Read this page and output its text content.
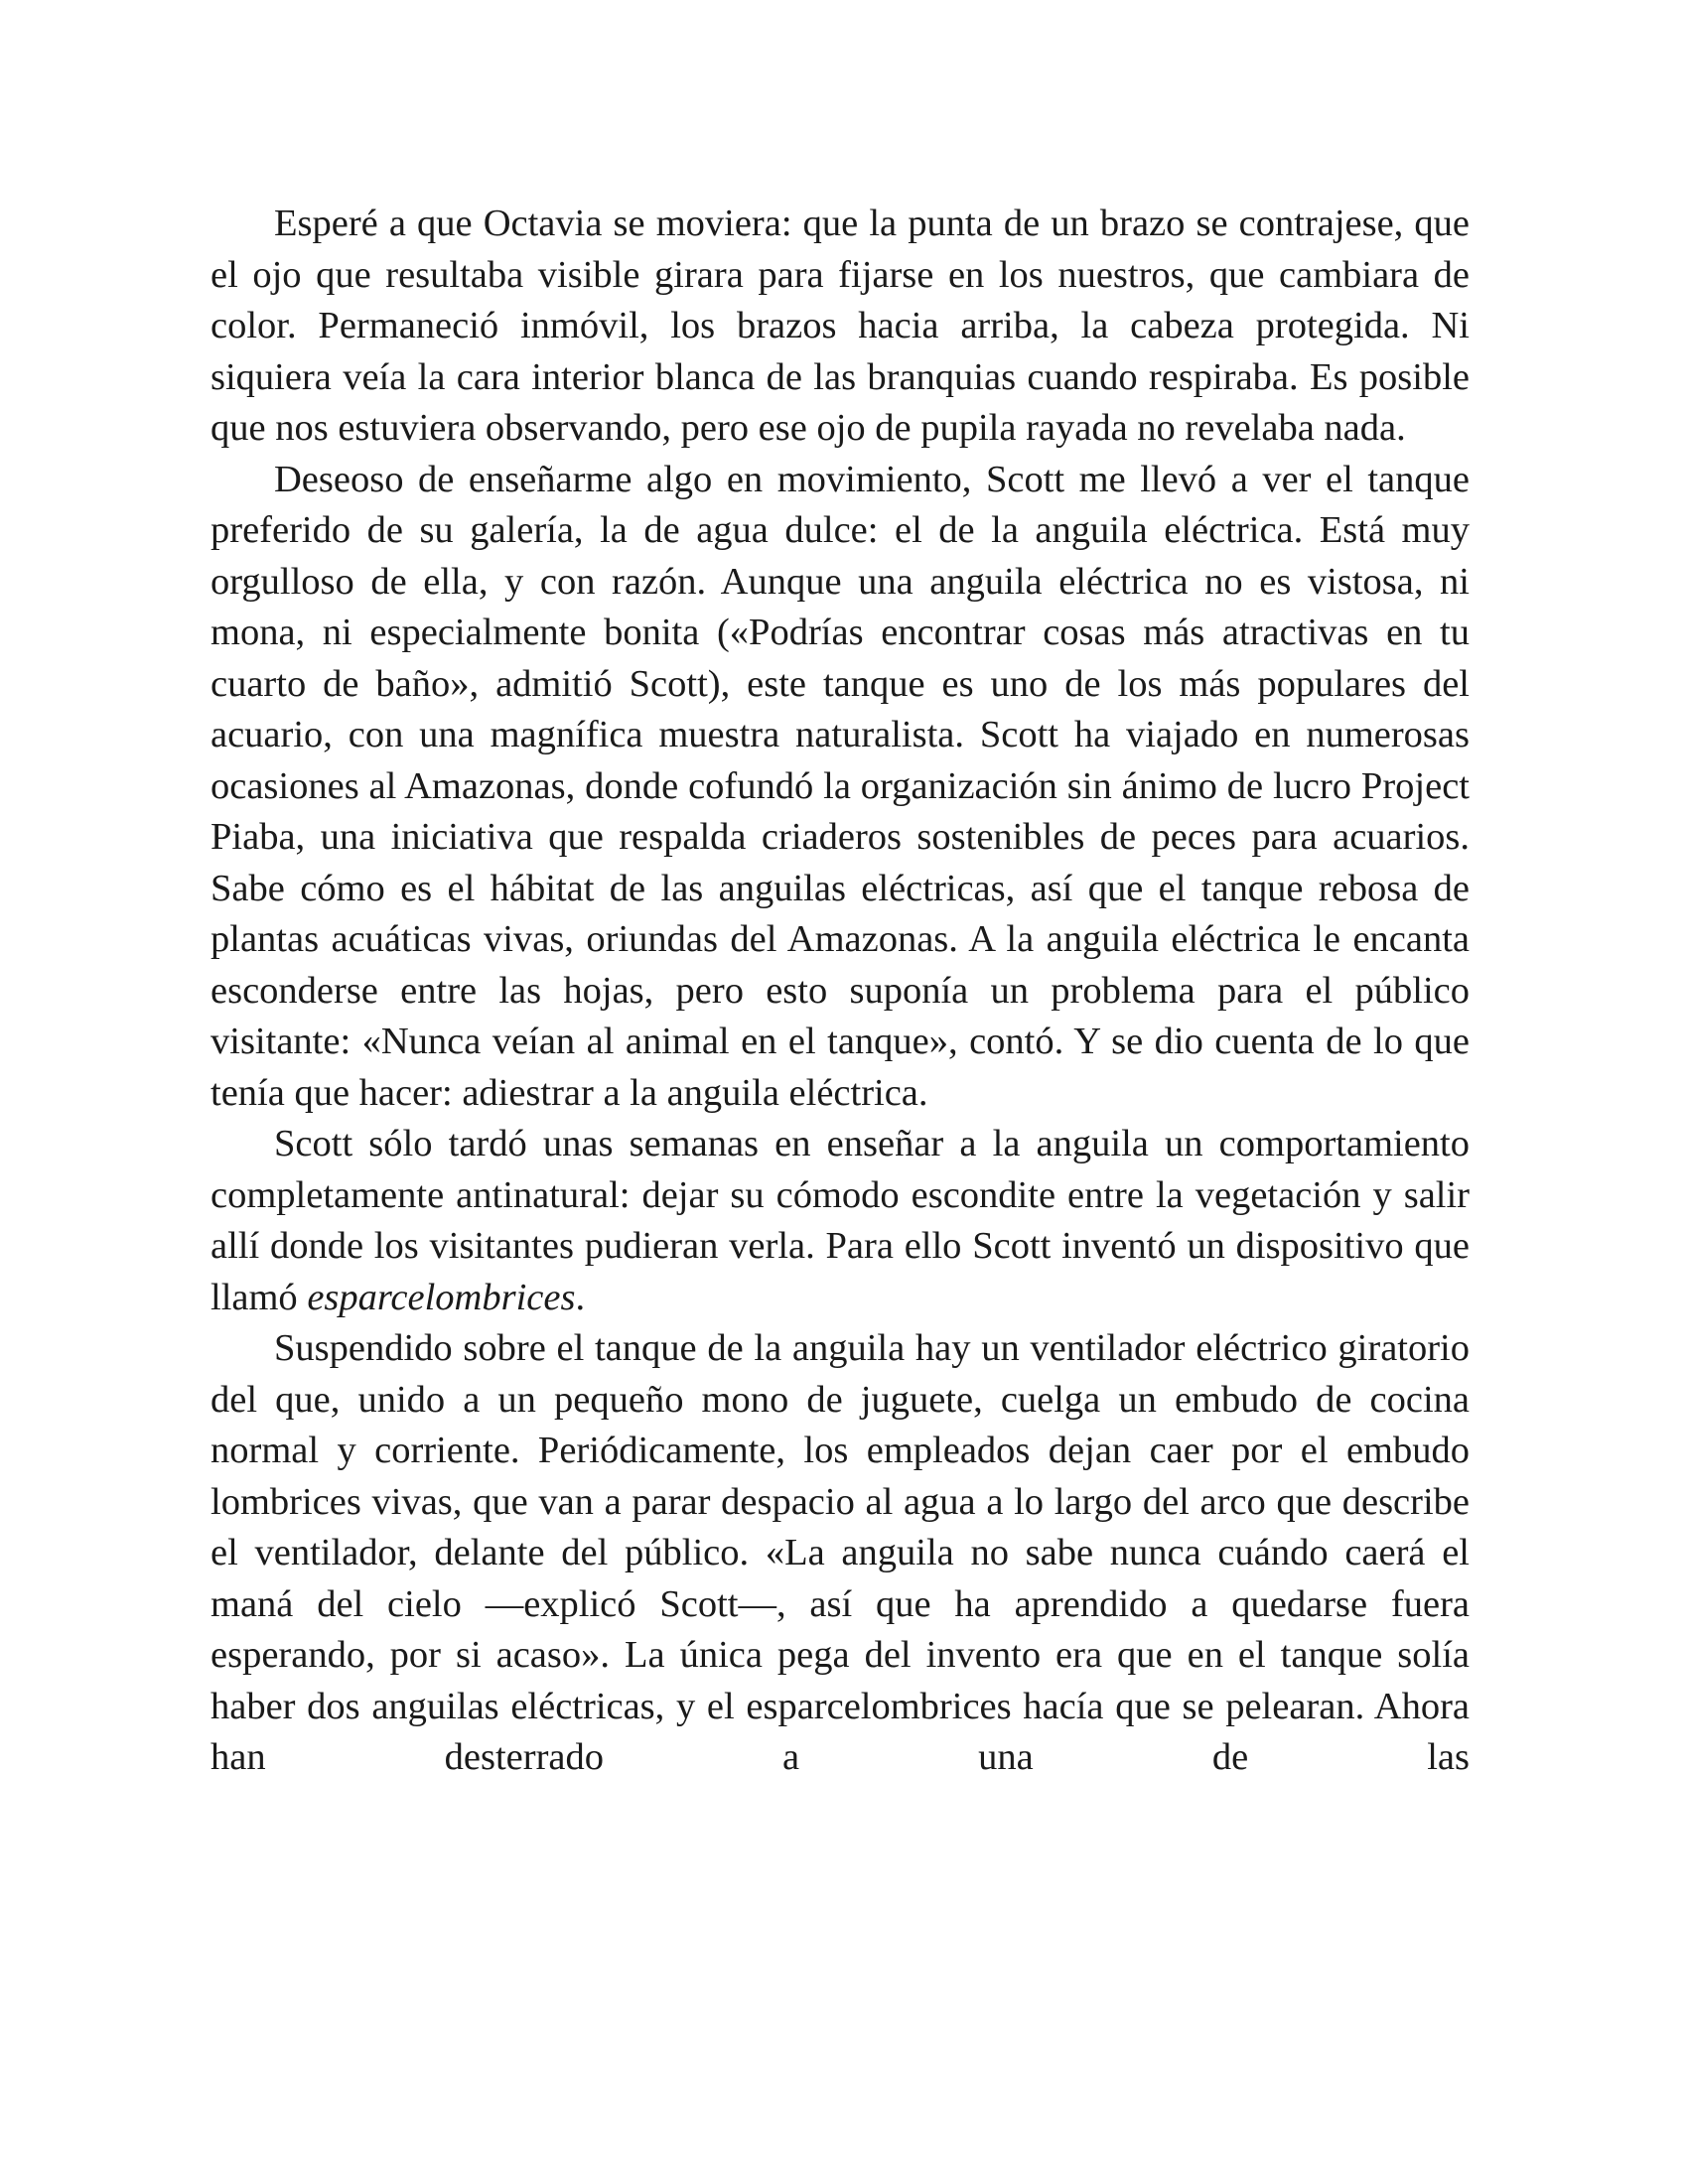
Esperé a que Octavia se moviera: que la punta de un brazo se contrajese, que el ojo que resultaba visible girara para fijarse en los nuestros, que cambiara de color. Permaneció inmóvil, los brazos hacia arriba, la cabeza protegida. Ni siquiera veía la cara interior blanca de las branquias cuando respiraba. Es posible que nos estuviera observando, pero ese ojo de pupila rayada no revelaba nada.

Deseoso de enseñarme algo en movimiento, Scott me llevó a ver el tanque preferido de su galería, la de agua dulce: el de la anguila eléctrica. Está muy orgulloso de ella, y con razón. Aunque una anguila eléctrica no es vistosa, ni mona, ni especialmente bonita («Podrías encontrar cosas más atractivas en tu cuarto de baño», admitió Scott), este tanque es uno de los más populares del acuario, con una magnífica muestra naturalista. Scott ha viajado en numerosas ocasiones al Amazonas, donde cofundó la organización sin ánimo de lucro Project Piaba, una iniciativa que respalda criaderos sostenibles de peces para acuarios. Sabe cómo es el hábitat de las anguilas eléctricas, así que el tanque rebosa de plantas acuáticas vivas, oriundas del Amazonas. A la anguila eléctrica le encanta esconderse entre las hojas, pero esto suponía un problema para el público visitante: «Nunca veían al animal en el tanque», contó. Y se dio cuenta de lo que tenía que hacer: adiestrar a la anguila eléctrica.

Scott sólo tardó unas semanas en enseñar a la anguila un comportamiento completamente antinatural: dejar su cómodo escondite entre la vegetación y salir allí donde los visitantes pudieran verla. Para ello Scott inventó un dispositivo que llamó esparcelombrices.

Suspendido sobre el tanque de la anguila hay un ventilador eléctrico giratorio del que, unido a un pequeño mono de juguete, cuelga un embudo de cocina normal y corriente. Periódicamente, los empleados dejan caer por el embudo lombrices vivas, que van a parar despacio al agua a lo largo del arco que describe el ventilador, delante del público. «La anguila no sabe nunca cuándo caerá el maná del cielo —explicó Scott—, así que ha aprendido a quedarse fuera esperando, por si acaso». La única pega del invento era que en el tanque solía haber dos anguilas eléctricas, y el esparcelombrices hacía que se pelearan. Ahora han desterrado a una de las
